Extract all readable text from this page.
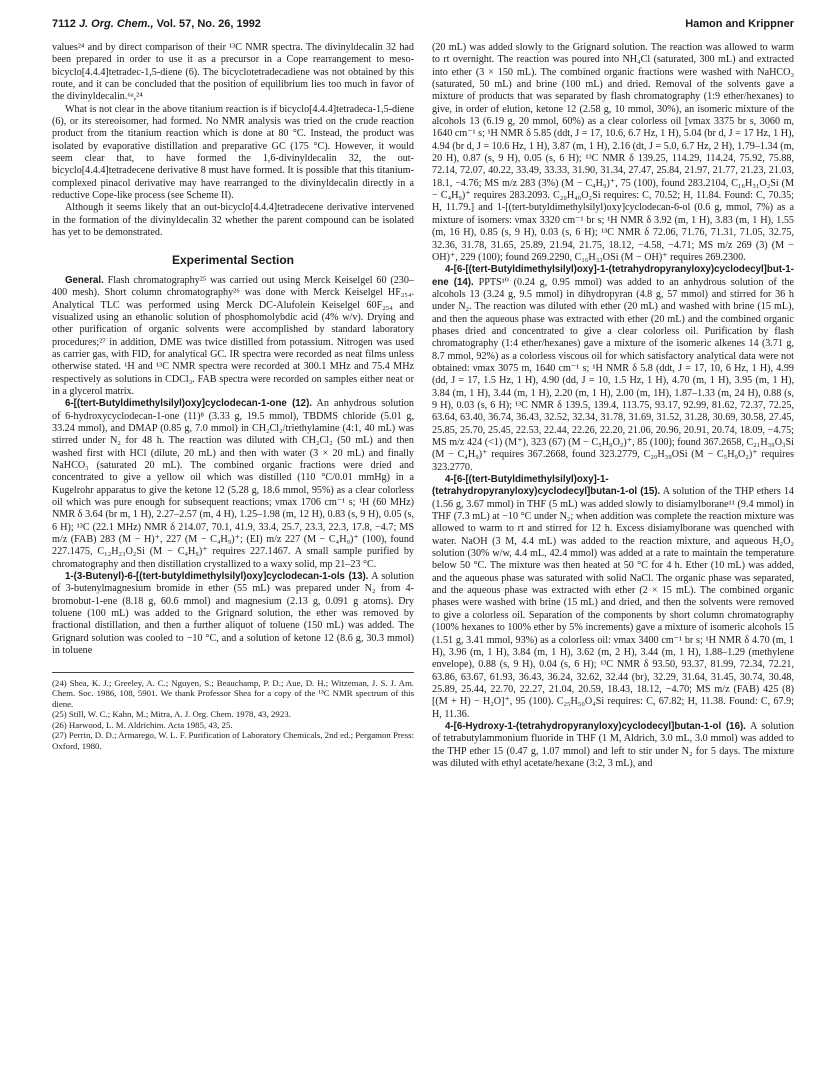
7112 J. Org. Chem., Vol. 57, No. 26, 1992	Hamon and Krippner

values²⁴ and by direct comparison of their ¹³C NMR spectra. The divinyldecalin 32 had been prepared in order to use it as a precursor in a Cope rearrangement to meso-bicyclo[4.4.4]tetradec-1,5-diene (6). The bicyclotetradecadiene was not obtained by this route, and it can be concluded that the position of equilibrium lies too much in favor of the divinyldecalin.⁶ᵃ,²⁴

What is not clear in the above titanium reaction is if bicyclo[4.4.4]tetradeca-1,5-diene (6), or its stereoisomer, had formed. No NMR analysis was tried on the crude reaction product from the titanium reaction which is done at 80 °C. Instead, the product was isolated by evaporative distillation and preparative GC (175 °C). However, it would seem clear that, to have formed the 1,6-divinyldecalin 32, the out-bicyclo[4.4.4]tetradecene derivative 8 must have formed. It is possible that this titanium-complexed pinacol derivative may have rearranged to the divinyldecalin directly in a reductive Cope-like process (see Scheme II).

Although it seems likely that an out-bicyclo[4.4.4]tetradecene derivative intervened in the formation of the divinyldecalin 32 whether the parent compound can be isolated has yet to be demonstrated.

Experimental Section

General. Flash chromatography²⁵ was carried out using Merck Keiselgel 60 (230–400 mesh). Short column chromatography²⁶ was done with Merck Keiselgel HF₂₅₄. Analytical TLC was performed using Merck DC-Alufolein Keiselgel 60F₂₅₄ and visualized using an ethanolic solution of phosphomolybdic acid (4% w/v). Drying and other purification of organic solvents were accomplished by standard laboratory procedures;²⁷ in addition, DME was twice distilled from potassium. Nitrogen was used as carrier gas, with FID, for analytical GC. IR spectra were recorded as neat films unless otherwise stated. ¹H and ¹³C NMR spectra were recorded at 300.1 MHz and 75.4 MHz respectively as solutions in CDCl₃. FAB spectra were recorded on samples either neat or in a glycerol matrix.

6-[(tert-Butyldimethylsilyl)oxy]cyclodecan-1-one (12). An anhydrous solution of 6-hydroxycyclodecan-1-one (11)⁸ (3.33 g, 19.5 mmol), TBDMS chloride (5.01 g, 33.24 mmol), and DMAP (0.85 g, 7.0 mmol) in CH₂Cl₂/triethylamine (4:1, 40 mL) was stirred under N₂ for 48 h. The reaction was diluted with CH₂Cl₂ (50 mL) and then washed first with HCl (dilute, 20 mL) and then with water (3 × 20 mL) and finally NaHCO₃ (saturated 20 mL). The combined organic fractions were dried and concentrated to give a yellow oil which was distilled (110 °C/0.01 mmHg) in a Kugelrohr apparatus to give the ketone 12 (5.28 g, 18.6 mmol, 95%) as a clear colorless oil which was pure enough for subsequent reactions; νmax 1706 cm⁻¹ s; ¹H (60 MHz) NMR δ 3.64 (br m, 1 H), 2.27–2.57 (m, 4 H), 1.25–1.98 (m, 12 H), 0.83 (s, 9 H), 0.05 (s, 6 H); ¹³C (22.1 MHz) NMR δ 214.07, 70.1, 41.9, 33.4, 25.7, 23.3, 22.3, 17.8, −4.7; MS m/z (FAB) 283 (M − H)⁺, 227 (M − C₄H₉)⁺; (EI) m/z 227 (M − C₄H₉)⁺ (100), found 227.1475, C₁₂H₂₃O₂Si (M − C₄H₉)⁺ requires 227.1467. A small sample purified by chromatography and then distillation crystallized to a waxy solid, mp 21–23 °C.

1-(3-Butenyl)-6-[(tert-butyldimethylsilyl)oxy]cyclodecan-1-ols (13). A solution of 3-butenylmagnesium bromide in ether (55 mL) was prepared under N₂ from 4-bromobut-1-ene (8.18 g, 60.6 mmol) and magnesium (2.13 g, 0.091 g atoms). Dry toluene (100 mL) was added to the Grignard solution, the ether was removed by fractional distillation, and then a further aliquot of toluene (150 mL) was added. The Grignard solution was cooled to −10 °C, and a solution of ketone 12 (8.6 g, 30.3 mmol) in toluene

(24) Shea, K. J.; Greeley, A. C.; Nguyen, S.; Beauchamp, P. D.; Aue, D. H.; Witzeman, J. S. J. Am. Chem. Soc. 1986, 108, 5901. We thank Professor Shea for a copy of the ¹³C NMR spectrum of this diene.

(25) Still, W. C.; Kahn, M.; Mitra, A. J. Org. Chem. 1978, 43, 2923.

(26) Harwood, L. M. Aldrichim. Acta 1985, 43, 25.

(27) Perrin, D. D.; Armarego, W. L. F. Purification of Laboratory Chemicals, 2nd ed.; Pergamon Press: Oxford, 1980.

(20 mL) was added slowly to the Grignard solution. The reaction was allowed to warm to rt overnight. The reaction was poured into NH₄Cl (saturated, 300 mL) and extracted into ether (3 × 150 mL). The combined organic fractions were washed with NaHCO₃ (saturated, 50 mL) and brine (100 mL) and dried. Removal of the solvents gave a mixture of products that was separated by flash chromatography (1:9 ether/hexanes) to give, in order of elution, ketone 12 (2.58 g, 10 mmol, 30%), an isomeric mixture of the alcohols 13 (6.19 g, 20 mmol, 60%) as a clear colorless oil [νmax 3375 br s, 3060 m, 1640 cm⁻¹ s; ¹H NMR δ 5.85 (ddt, J = 17, 10.6, 6.7 Hz, 1 H), 5.04 (br d, J = 17 Hz, 1 H), 4.94 (br d, J = 10.6 Hz, 1 H), 3.87 (m, 1 H), 2.16 (dt, J = 5.0, 6.7 Hz, 2 H), 1.79–1.34 (m, 20 H), 0.87 (s, 9 H), 0.05 (s, 6 H); ¹³C NMR δ 139.25, 114.29, 114.24, 75.92, 75.88, 72.14, 72.07, 40.22, 33.49, 33.33, 31.90, 31.34, 27.47, 25.84, 21.97, 21.77, 21.23, 21.03, 18.1, −4.76; MS m/z 283 (3%) (M − C₄H₉)⁺, 75 (100), found 283.2104, C₁₆H₃₁O₂Si (M − C₄H₉)⁺ requires 283.2093. C₂₀H₄₀O₂Si requires: C, 70.52; H, 11.84. Found: C, 70.35; H, 11.79.] and 1-[(tert-butyldimethylsilyl)oxy]cyclodecan-6-ol (0.6 g, mmol, 7%) as a mixture of isomers: νmax 3320 cm⁻¹ br s; ¹H NMR δ 3.92 (m, 1 H), 3.83 (m, 1 H), 1.55 (m, 16 H), 0.85 (s, 9 H), 0.03 (s, 6 H); ¹³C NMR δ 72.06, 71.76, 71.31, 71.05, 32.75, 32.36, 31.78, 31.65, 25.89, 21.94, 21.75, 18.12, −4.58, −4.71; MS m/z 269 (3) (M − OH)⁺, 229 (100); found 269.2290, C₁₆H₃₃OSi (M − OH)⁺ requires 269.2300.

4-[6-[(tert-Butyldimethylsilyl)oxy]-1-(tetrahydropyranyloxy)cyclodecyl]but-1-ene (14). PPTS¹⁰ (0.24 g, 0.95 mmol) was added to an anhydrous solution of the alcohols 13 (3.24 g, 9.5 mmol) in dihydropyran (4.8 g, 57 mmol) and stirred for 36 h under N₂. The reaction was diluted with ether (20 mL) and washed with brine (15 mL), and then the aqueous phase was extracted with ether (20 mL) and the combined organic phases dried and concentrated to give a clear colorless oil. Purification by flash chromatography (1:4 ether/hexanes) gave a mixture of the isomeric alkenes 14 (3.71 g, 8.7 mmol, 92%) as a colorless viscous oil for which satisfactory analytical data were not obtained: νmax 3075 m, 1640 cm⁻¹ s; ¹H NMR δ 5.8 (ddt, J = 17, 10, 6 Hz, 1 H), 4.99 (dd, J = 17, 1.5 Hz, 1 H), 4.90 (dd, J = 10, 1.5 Hz, 1 H), 4.70 (m, 1 H), 3.95 (m, 1 H), 3.84 (m, 1 H), 3.44 (m, 1 H), 2.20 (m, 1 H), 2.00 (m, 1H), 1.87–1.33 (m, 24 H), 0.88 (s, 9 H), 0.03 (s, 6 H); ¹³C NMR δ 139.5, 139.4, 113.75, 93.17, 92.99, 81.62, 72.37, 72.25, 63.64, 63.40, 36.74, 36.43, 32.52, 32.34, 31.78, 31.69, 31.52, 31.28, 30.69, 30.58, 27.45, 25.85, 25.70, 25.45, 22.53, 22.44, 22.26, 22.20, 21.06, 20.96, 20.91, 20.74, 18.09, −4.75; MS m/z 424 (<1) (M⁺), 323 (67) (M − C₅H₉O₂)⁺, 85 (100); found 367.2658, C₂₁H₃₉O₃Si (M − C₄H₉)⁺ requires 367.2668, found 323.2779, C₂₀H₃₉OSi (M − C₅H₉O₂)⁺ requires 323.2770.

4-[6-[(tert-Butyldimethylsilyl)oxy]-1-(tetrahydropyranyloxy)cyclodecyl]butan-1-ol (15). A solution of the THP ethers 14 (1.56 g, 3.67 mmol) in THF (5 mL) was added slowly to disiamylborane¹¹ (9.4 mmol) in THF (7.3 mL) at −10 °C under N₂; when addition was complete the reaction mixture was allowed to warm to rt and stirred for 12 h. Excess disiamylborane was quenched with water. NaOH (3 M, 4.4 mL) was added to the reaction mixture, and aqueous H₂O₂ solution (30% w/w, 4.4 mL, 42.4 mmol) was added at a rate to maintain the temperature below 50 °C. The mixture was then heated at 50 °C for 4 h. Ether (10 mL) was added, and the aqueous phase was saturated with solid NaCl. The organic phase was separated, and the aqueous phase was extracted with ether (2 × 15 mL). The combined organic phases were washed with brine (15 mL) and dried, and then the solvents were removed to give a colorless oil. Separation of the components by short column chromatography (100% hexanes to 100% ether by 5% increments) gave a mixture of isomeric alcohols 15 (1.51 g, 3.41 mmol, 93%) as a colorless oil: νmax 3400 cm⁻¹ br s; ¹H NMR δ 4.70 (m, 1 H), 3.96 (m, 1 H), 3.84 (m, 1 H), 3.62 (m, 2 H), 3.44 (m, 1 H), 1.88–1.29 (methylene envelope), 0.88 (s, 9 H), 0.04 (s, 6 H); ¹³C NMR δ 93.50, 93.37, 81.99, 72.34, 72.21, 63.86, 63.67, 61.93, 36.43, 36.24, 32.62, 32.44 (br), 32.29, 31.64, 31.45, 30.74, 30.48, 25.89, 25.44, 22.70, 22.27, 21.04, 20.59, 18.43, 18.12, −4.70; MS m/z (FAB) 425 (8) [(M + H) − H₂O]⁺, 95 (100). C₂₅H₅₀O₄Si requires: C, 67.82; H, 11.38. Found: C, 67.9; H, 11.36.

4-[6-Hydroxy-1-(tetrahydropyranyloxy)cyclodecyl]butan-1-ol (16). A solution of tetrabutylammonium fluoride in THF (1 M, Aldrich, 3.0 mL, 3.0 mmol) was added to the THP ether 15 (0.47 g, 1.07 mmol) and left to stir under N₂ for 5 days. The mixture was diluted with ethyl acetate/hexane (3:2, 3 mL), and
